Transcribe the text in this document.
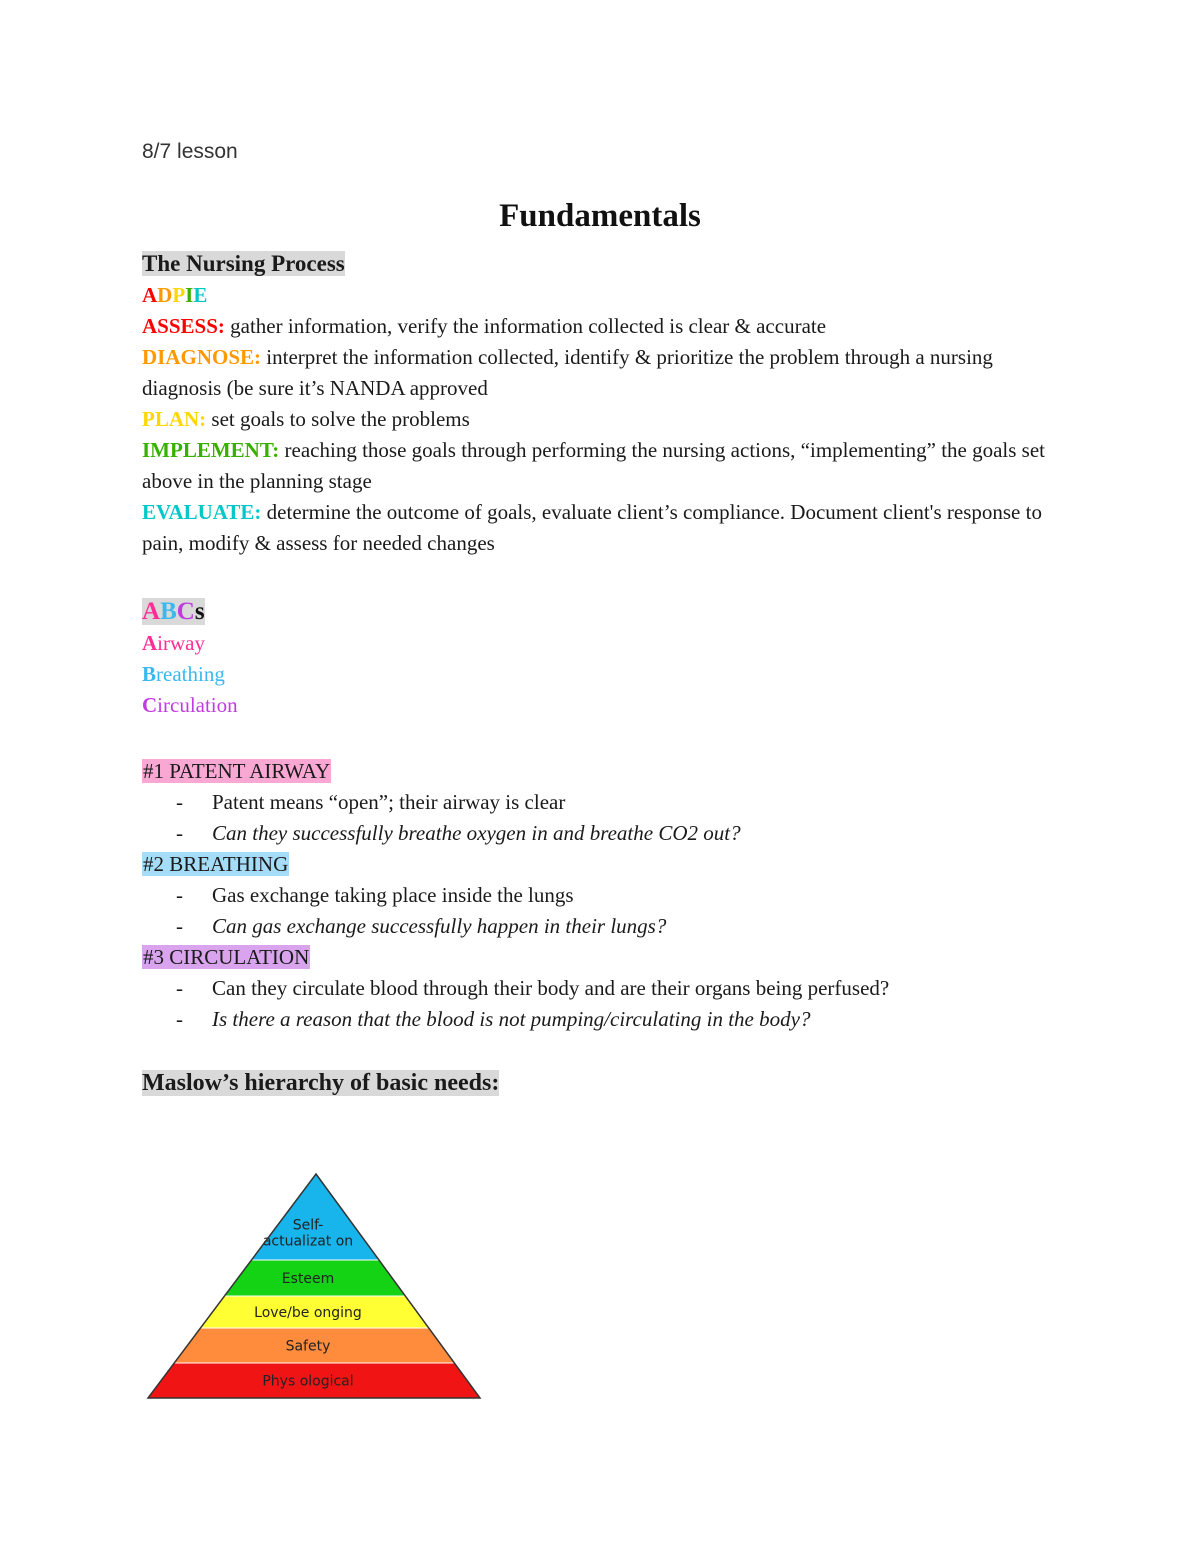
8/7 lesson
Fundamentals
The Nursing Process
ADPIE
ASSESS: gather information, verify the information collected is clear & accurate
DIAGNOSE: interpret the information collected, identify & prioritize the problem through a nursing diagnosis (be sure it’s NANDA approved
PLAN: set goals to solve the problems
IMPLEMENT: reaching those goals through performing the nursing actions, “implementing” the goals set above in the planning stage
EVALUATE: determine the outcome of goals, evaluate client’s compliance. Document client's response to pain, modify & assess for needed changes
ABCs
Airway
Breathing
Circulation
#1 PATENT AIRWAY
- Patent means “open”; their airway is clear
- Can they successfully breathe oxygen in and breathe CO2 out?
#2 BREATHING
- Gas exchange taking place inside the lungs
- Can gas exchange successfully happen in their lungs?
#3 CIRCULATION
- Can they circulate blood through their body and are their organs being perfused?
- Is there a reason that the blood is not pumping/circulating in the body?
Maslow’s hierarchy of basic needs:
Self-
actualizat on
Esteem
Love/be onging
Safety
Phys ological
